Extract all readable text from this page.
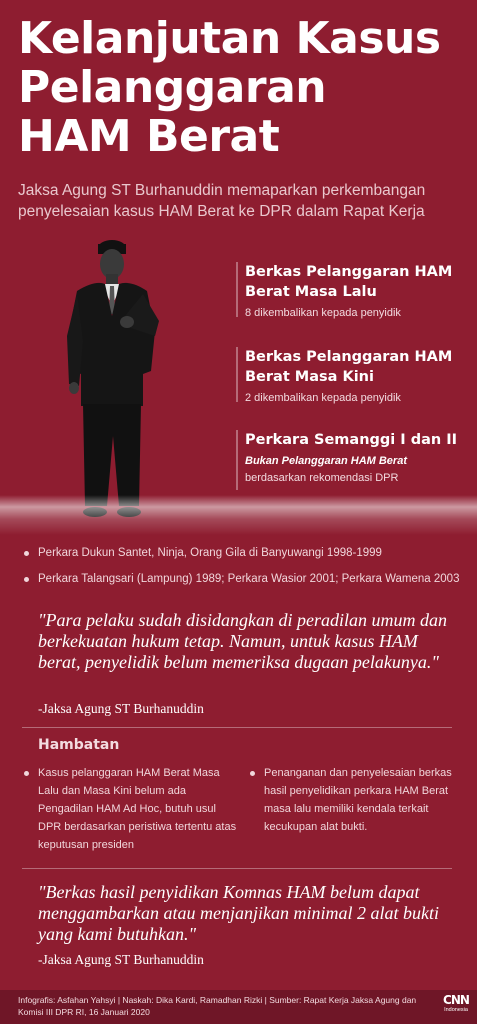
Kelanjutan Kasus
Pelanggaran
HAM Berat
Jaksa Agung ST Burhanuddin memaparkan perkembangan penyelesaian kasus HAM Berat ke DPR dalam Rapat Kerja
Berkas Pelanggaran HAM Berat Masa Lalu
8 dikembalikan kepada penyidik
Berkas Pelanggaran HAM Berat Masa Kini
2 dikembalikan kepada penyidik
Perkara Semanggi I dan II
Bukan Pelanggaran HAM Berat
berdasarkan rekomendasi DPR
Perkara Dukun Santet, Ninja, Orang Gila di Banyuwangi 1998-1999
Perkara Talangsari (Lampung) 1989; Perkara Wasior 2001; Perkara Wamena 2003
"Para pelaku sudah disidangkan di peradilan umum dan berkekuatan hukum tetap. Namun, untuk kasus HAM berat, penyelidik belum memeriksa dugaan pelakunya."
-Jaksa Agung ST Burhanuddin
Hambatan
Kasus pelanggaran HAM Berat Masa Lalu dan Masa Kini belum ada Pengadilan HAM Ad Hoc, butuh usul DPR berdasarkan peristiwa tertentu atas keputusan presiden
Penanganan dan penyelesaian berkas hasil penyelidikan perkara HAM Berat masa lalu memiliki kendala terkait kecukupan alat bukti.
"Berkas hasil penyidikan Komnas HAM belum dapat menggambarkan atau menjanjikan minimal 2 alat bukti yang kami butuhkan."
-Jaksa Agung ST Burhanuddin
Infografis: Asfahan Yahsyi | Naskah: Dika Kardi, Ramadhan Rizki | Sumber: Rapat Kerja Jaksa Agung dan Komisi III DPR RI, 16 Januari 2020
CNN
Indonesia
